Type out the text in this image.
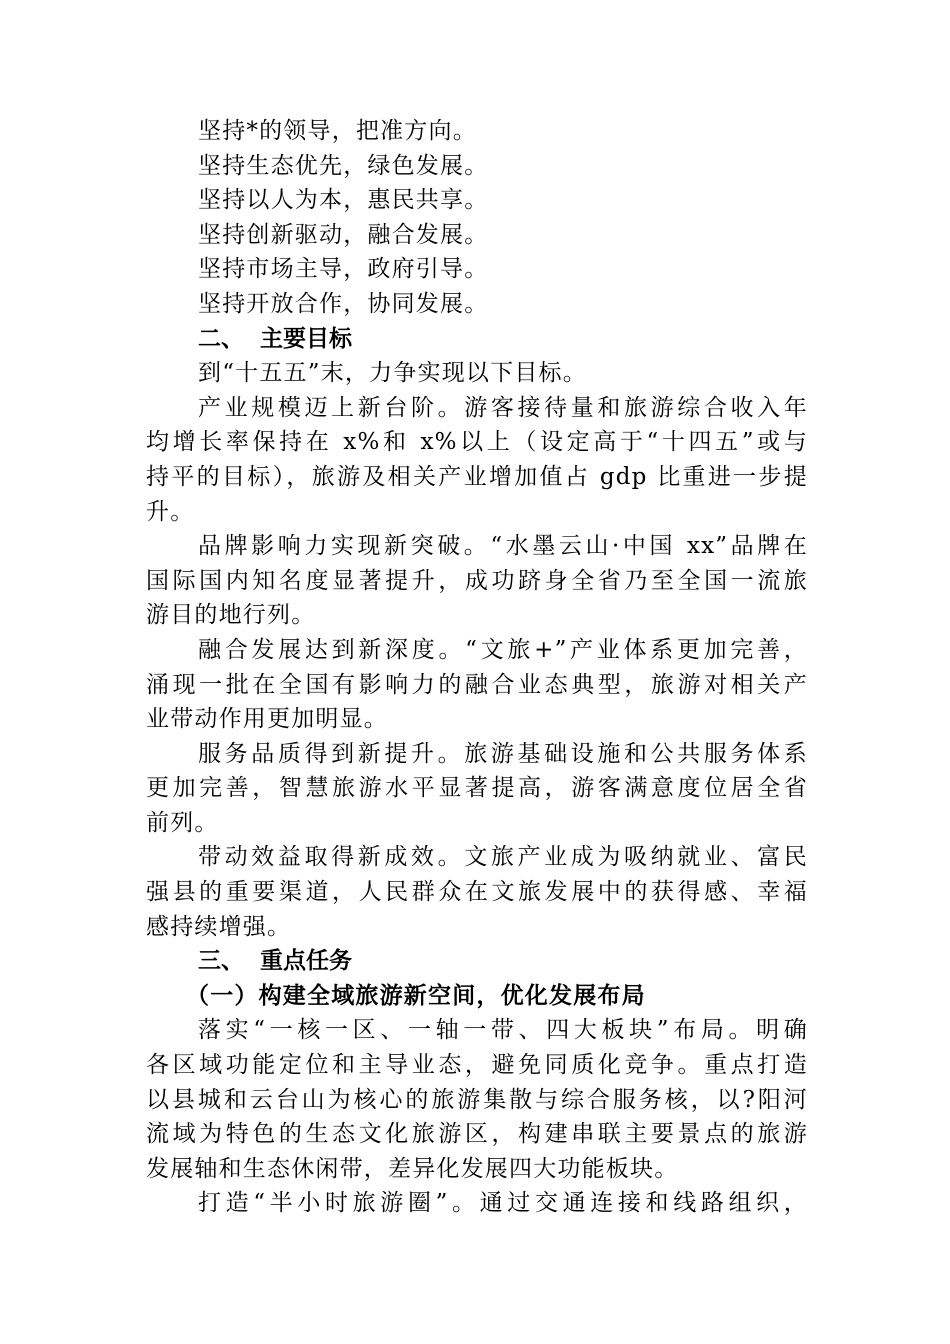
坚持*的领导，把准方向。
坚持生态优先，绿色发展。
坚持以人为本，惠民共享。
坚持创新驱动，融合发展。
坚持市场主导，政府引导。
坚持开放合作，协同发展。
二、 主要目标
到“十五五”末，力争实现以下目标。
产业规模迈上新台阶。游客接待量和旅游综合收入年
均增长率保持在 x%和 x%以上（设定高于“十四五”或与
持平的目标），旅游及相关产业增加值占 gdp 比重进一步提
升。
品牌影响力实现新突破。“水墨云山·中国 xx”品牌在
国际国内知名度显著提升，成功跻身全省乃至全国一流旅
游目的地行列。
融合发展达到新深度。“文旅+”产业体系更加完善，
涌现一批在全国有影响力的融合业态典型，旅游对相关产
业带动作用更加明显。
服务品质得到新提升。旅游基础设施和公共服务体系
更加完善，智慧旅游水平显著提高，游客满意度位居全省
前列。
带动效益取得新成效。文旅产业成为吸纳就业、富民
强县的重要渠道，人民群众在文旅发展中的获得感、幸福
感持续增强。
三、 重点任务
（一）构建全域旅游新空间，优化发展布局
落实“一核一区、一轴一带、四大板块”布局。明确
各区域功能定位和主导业态，避免同质化竞争。重点打造
以县城和云台山为核心的旅游集散与综合服务核，以?阳河
流域为特色的生态文化旅游区，构建串联主要景点的旅游
发展轴和生态休闲带，差异化发展四大功能板块。
打造“半小时旅游圈”。通过交通连接和线路组织，
